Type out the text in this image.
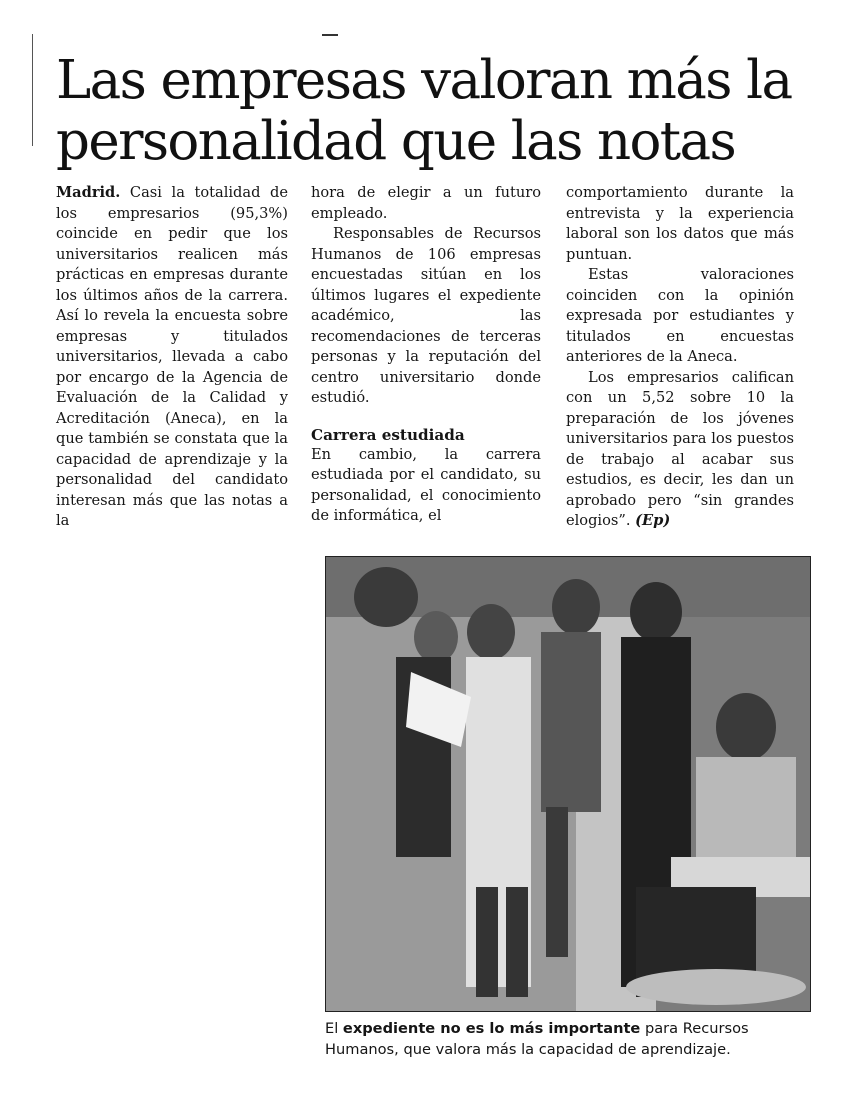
Las empresas valoran más la personalidad que las notas

Madrid. Casi la totalidad de los empresarios (95,3%) coincide en pedir que los universitarios realicen más prácticas en empresas durante los últimos años de la carrera. Así lo revela la encuesta sobre empresas y titulados universitarios, llevada a cabo por encargo de la Agencia de Evaluación de la Calidad y Acreditación (Aneca), en la que también se constata que la capacidad de aprendizaje y la personalidad del candidato interesan más que las notas a la

hora de elegir a un futuro empleado.

Responsables de Recursos Humanos de 106 empresas encuestadas sitúan en los últimos lugares el expediente académico, las recomendaciones de terceras personas y la reputación del centro universitario donde estudió.

Carrera estudiada

En cambio, la carrera estudiada por el candidato, su personalidad, el conocimiento de informática, el

comportamiento durante la entrevista y la experiencia laboral son los datos que más puntuan.

Estas valoraciones coinciden con la opinión expresada por estudiantes y titulados en encuestas anteriores de la Aneca.

Los empresarios califican con un 5,52 sobre 10 la preparación de los jóvenes universitarios para los puestos de trabajo al acabar sus estudios, es decir, les dan un aprobado pero “sin grandes elogios”. (Ep)

El expediente no es lo más importante para Recursos Humanos, que valora más la capacidad de aprendizaje.
